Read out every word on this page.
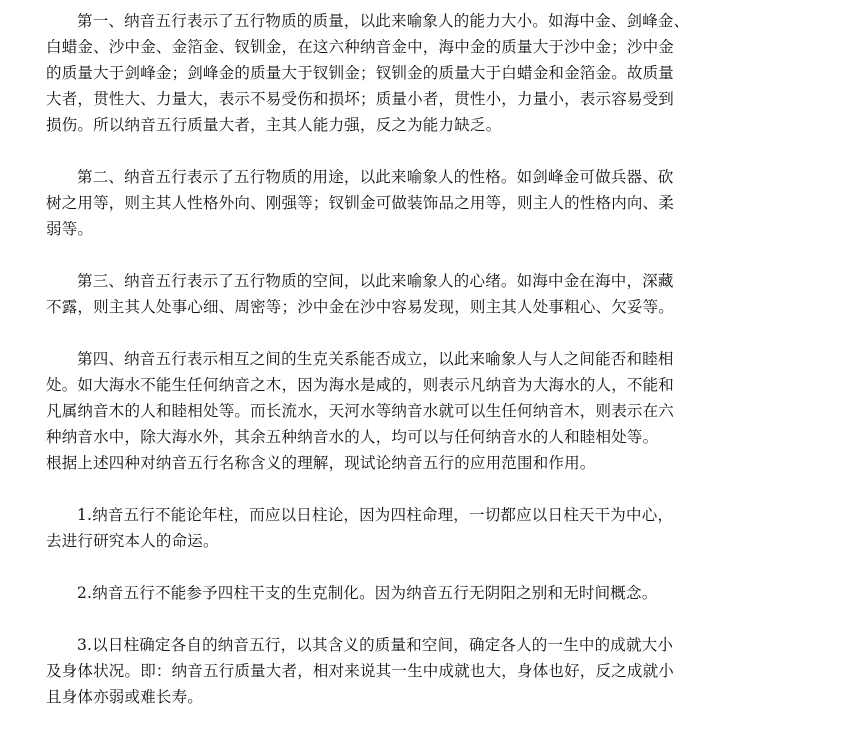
第一、纳音五行表示了五行物质的质量，以此来喻象人的能力大小。如海中金、剑峰金、
白蜡金、沙中金、金箔金、钗钏金，在这六种纳音金中，海中金的质量大于沙中金；沙中金
的质量大于剑峰金；剑峰金的质量大于钗钏金；钗钏金的质量大于白蜡金和金箔金。故质量
大者，贯性大、力量大，表示不易受伤和损坏；质量小者，贯性小，力量小，表示容易受到
损伤。所以纳音五行质量大者，主其人能力强，反之为能力缺乏。

第二、纳音五行表示了五行物质的用途，以此来喻象人的性格。如剑峰金可做兵器、砍
树之用等，则主其人性格外向、刚强等；钗钏金可做装饰品之用等，则主人的性格内向、柔
弱等。

第三、纳音五行表示了五行物质的空间，以此来喻象人的心绪。如海中金在海中，深藏
不露，则主其人处事心细、周密等；沙中金在沙中容易发现，则主其人处事粗心、欠妥等。

第四、纳音五行表示相互之间的生克关系能否成立，以此来喻象人与人之间能否和睦相
处。如大海水不能生任何纳音之木，因为海水是咸的，则表示凡纳音为大海水的人，不能和
凡属纳音木的人和睦相处等。而长流水，天河水等纳音水就可以生任何纳音木，则表示在六
种纳音水中，除大海水外，其余五种纳音水的人，均可以与任何纳音水的人和睦相处等。
根据上述四种对纳音五行名称含义的理解，现试论纳音五行的应用范围和作用。

1.纳音五行不能论年柱，而应以日柱论，因为四柱命理，一切都应以日柱天干为中心，
去进行研究本人的命运。

2.纳音五行不能参予四柱干支的生克制化。因为纳音五行无阴阳之别和无时间概念。

3.以日柱确定各自的纳音五行，以其含义的质量和空间，确定各人的一生中的成就大小
及身体状况。即：纳音五行质量大者，相对来说其一生中成就也大，身体也好，反之成就小
且身体亦弱或难长寿。
